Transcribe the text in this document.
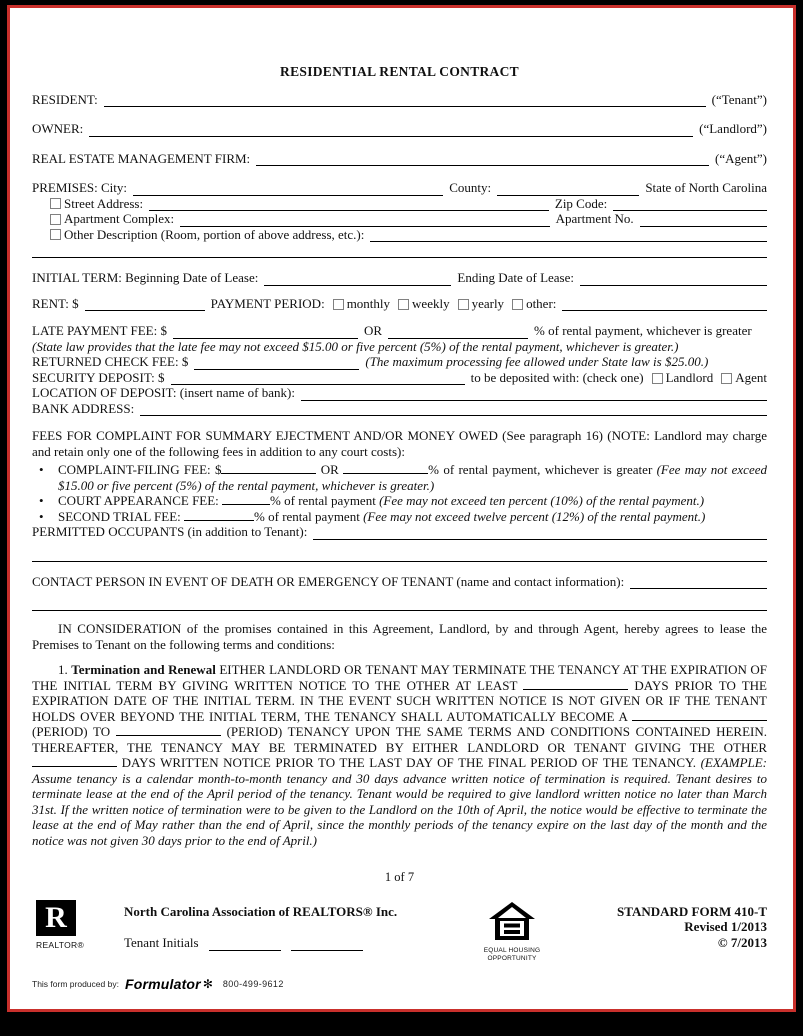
RESIDENTIAL RENTAL CONTRACT
RESIDENT:	(“Tenant”)
OWNER:	(“Landlord”)
REAL ESTATE MANAGEMENT FIRM:	(“Agent”)
PREMISES: City:	County:	State of North Carolina
Street Address:	Zip Code:
Apartment Complex:	Apartment No.
Other Description (Room, portion of above address, etc.):
INITIAL TERM: Beginning Date of Lease:	Ending Date of Lease:
RENT: $	PAYMENT PERIOD: monthly weekly yearly other:
LATE PAYMENT FEE: $	OR	% of rental payment, whichever is greater
(State law provides that the late fee may not exceed $15.00 or five percent (5%) of the rental payment, whichever is greater.)
RETURNED CHECK FEE: $	(The maximum processing fee allowed under State law is $25.00.)
SECURITY DEPOSIT: $	to be deposited with: (check one) Landlord Agent
LOCATION OF DEPOSIT: (insert name of bank):
BANK ADDRESS:

FEES FOR COMPLAINT FOR SUMMARY EJECTMENT AND/OR MONEY OWED (See paragraph 16) (NOTE: Landlord may charge and retain only one of the following fees in addition to any court costs):

• COMPLAINT-FILING FEE: $	OR	% of rental payment, whichever is greater (Fee may not exceed $15.00 or five percent (5%) of the rental payment, whichever is greater.)

• COURT APPEARANCE FEE:	% of rental payment (Fee may not exceed ten percent (10%) of the rental payment.)

• SECOND TRIAL FEE:	% of rental payment (Fee may not exceed twelve percent (12%) of the rental payment.)

PERMITTED OCCUPANTS (in addition to Tenant):
CONTACT PERSON IN EVENT OF DEATH OR EMERGENCY OF TENANT (name and contact information):

IN CONSIDERATION of the promises contained in this Agreement, Landlord, by and through Agent, hereby agrees to lease the Premises to Tenant on the following terms and conditions:

1. Termination and Renewal EITHER LANDLORD OR TENANT MAY TERMINATE THE TENANCY AT THE EXPIRATION OF THE INITIAL TERM BY GIVING WRITTEN NOTICE TO THE OTHER AT LEAST	DAYS PRIOR TO THE EXPIRATION DATE OF THE INITIAL TERM. IN THE EVENT SUCH WRITTEN NOTICE IS NOT GIVEN OR IF THE TENANT HOLDS OVER BEYOND THE INITIAL TERM, THE TENANCY SHALL AUTOMATICALLY BECOME A  (PERIOD) TO	(PERIOD) TENANCY UPON THE SAME TERMS AND CONDITIONS CONTAINED HEREIN. THEREAFTER, THE TENANCY MAY BE TERMINATED BY EITHER LANDLORD OR TENANT GIVING THE OTHER  DAYS WRITTEN NOTICE PRIOR TO THE LAST DAY OF THE FINAL PERIOD OF THE TENANCY. (EXAMPLE: Assume tenancy is a calendar month-to-month tenancy and 30 days advance written notice of termination is required. Tenant desires to terminate lease at the end of the April period of the tenancy. Tenant would be required to give landlord written notice no later than March 31st. If the written notice of termination were to be given to the Landlord on the 10th of April, the notice would be effective to terminate the lease at the end of May rather than the end of April, since the monthly periods of the tenancy expire on the last day of the month and the notice was not given 30 days prior to the end of April.)

1 of 7
R
REALTOR®
North Carolina Association of REALTORS® Inc.
Tenant Initials
EQUAL HOUSING
OPPORTUNITY
STANDARD FORM 410-T
Revised 1/2013
© 7/2013
This form produced by: Formulator ✻ 800-499-9612
